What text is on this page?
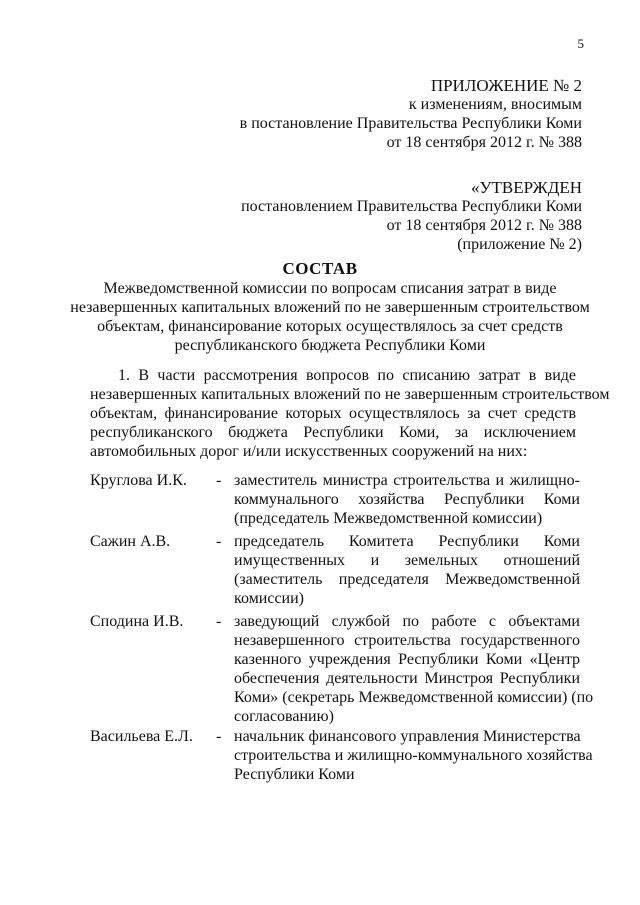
5
ПРИЛОЖЕНИЕ № 2
к изменениям, вносимым
в постановление Правительства Республики Коми
от 18 сентября 2012 г. № 388
«УТВЕРЖДЕН
постановлением Правительства Республики Коми
от 18 сентября 2012 г. № 388
(приложение № 2)
СОСТАВ
Межведомственной комиссии по вопросам списания затрат в виде
незавершенных капитальных вложений по не завершенным строительством
объектам, финансирование которых осуществлялось за счет средств
республиканского бюджета Республики Коми
1. В части рассмотрения вопросов по списанию затрат в виде
незавершенных капитальных вложений по не завершенным строительством
объектам, финансирование которых осуществлялось за счет средств
республиканского бюджета Республики Коми, за исключением
автомобильных дорог и/или искусственных сооружений на них:
Круглова И.К.	- заместитель министра строительства и жилищно-
коммунального хозяйства Республики Коми
(председатель Межведомственной комиссии)
Сажин А.В.	- председатель Комитета Республики Коми
имущественных и земельных отношений
(заместитель председателя Межведомственной
комиссии)
Сподина И.В.	- заведующий службой по работе с объектами
незавершенного строительства государственного
казенного учреждения Республики Коми «Центр
обеспечения деятельности Минстроя Республики
Коми» (секретарь Межведомственной комиссии) (по
согласованию)
Васильева Е.Л.	- начальник финансового управления Министерства
строительства и жилищно-коммунального хозяйства
Республики Коми
